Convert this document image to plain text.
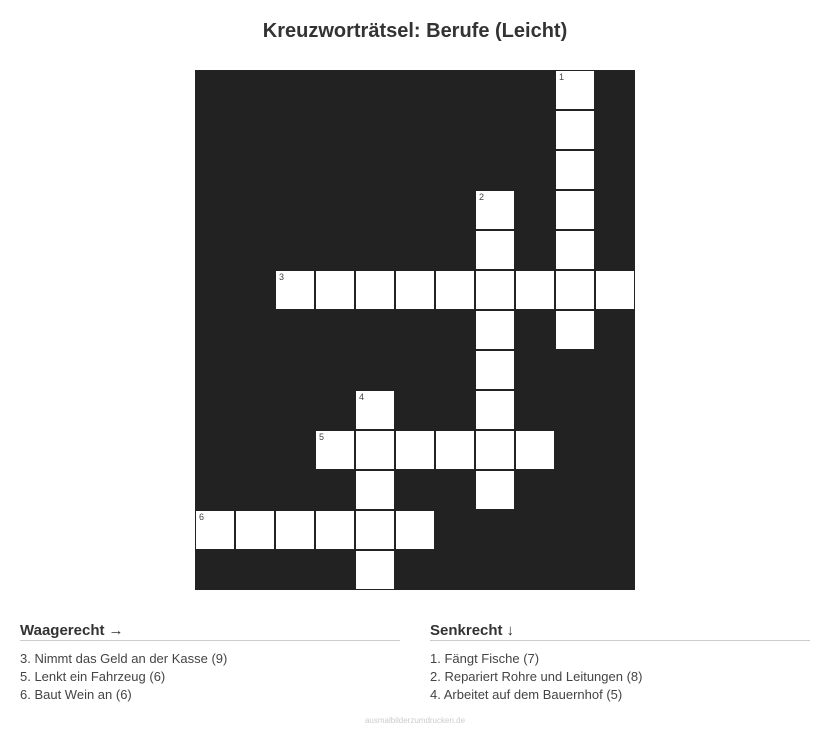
Kreuzworträtsel: Berufe (Leicht)
1
2
3
4
5
6
Waagerecht →
3. Nimmt das Geld an der Kasse (9)
5. Lenkt ein Fahrzeug (6)
6. Baut Wein an (6)
Senkrecht ↓
1. Fängt Fische (7)
2. Repariert Rohre und Leitungen (8)
4. Arbeitet auf dem Bauernhof (5)
ausmalbilderzumdrucken.de
